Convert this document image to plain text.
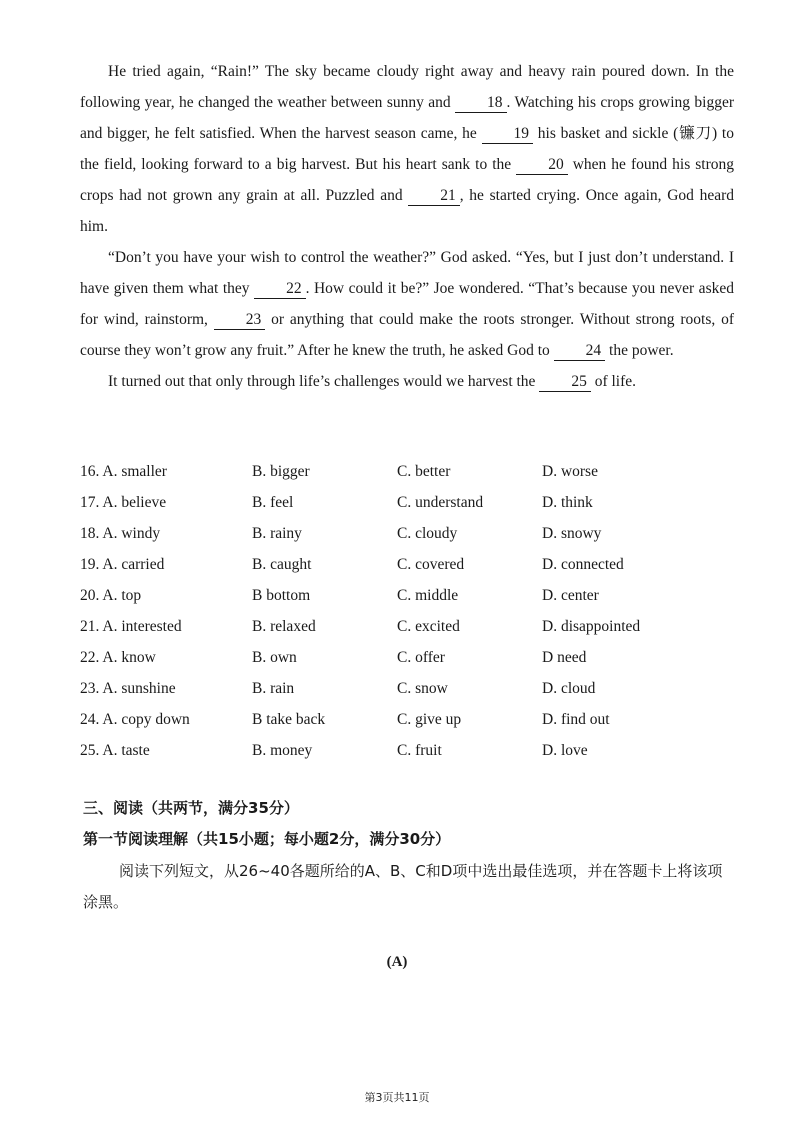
He tried again, “Rain!” The sky became cloudy right away and heavy rain poured down. In the following year, he changed the weather between sunny and 18 . Watching his crops growing bigger and bigger, he felt satisfied. When the harvest season came, he 19 his basket and sickle (镰刀) to the field, looking forward to a big harvest. But his heart sank to the 20 when he found his strong crops had not grown any grain at all. Puzzled and 21 , he started crying. Once again, God heard him.

“Don’t you have your wish to control the weather?” God asked. “Yes, but I just don’t understand. I have given them what they 22 . How could it be?” Joe wondered. “That’s because you never asked for wind, rainstorm, 23 or anything that could make the roots stronger. Without strong roots, of course they won’t grow any fruit.” After he knew the truth, he asked God to 24 the power.

It turned out that only through life’s challenges would we harvest the 25 of life.

16. A. smaller	B. bigger	C. better	D. worse
17. A. believe	B. feel	C. understand	D. think
18. A. windy	B. rainy	C. cloudy	D. snowy
19. A. carried	B. caught	C. covered	D. connected
20. A. top	B bottom	C. middle	D. center
21. A. interested	B. relaxed	C. excited	D. disappointed
22. A. know	B. own	C. offer	D need
23. A. sunshine	B. rain	C. snow	D. cloud
24. A. copy down	B take back	C. give up	D. find out
25. A. taste	B. money	C. fruit	D. love
三、阅读（共两节，满分35分）
第一节阅读理解（共15小题；每小题2分，满分30分）
阅读下列短文，从26~40各题所给的A、B、C和D项中选出最佳选项，并在答题卡上将该项涂黑。
(A)
第3页共11页
